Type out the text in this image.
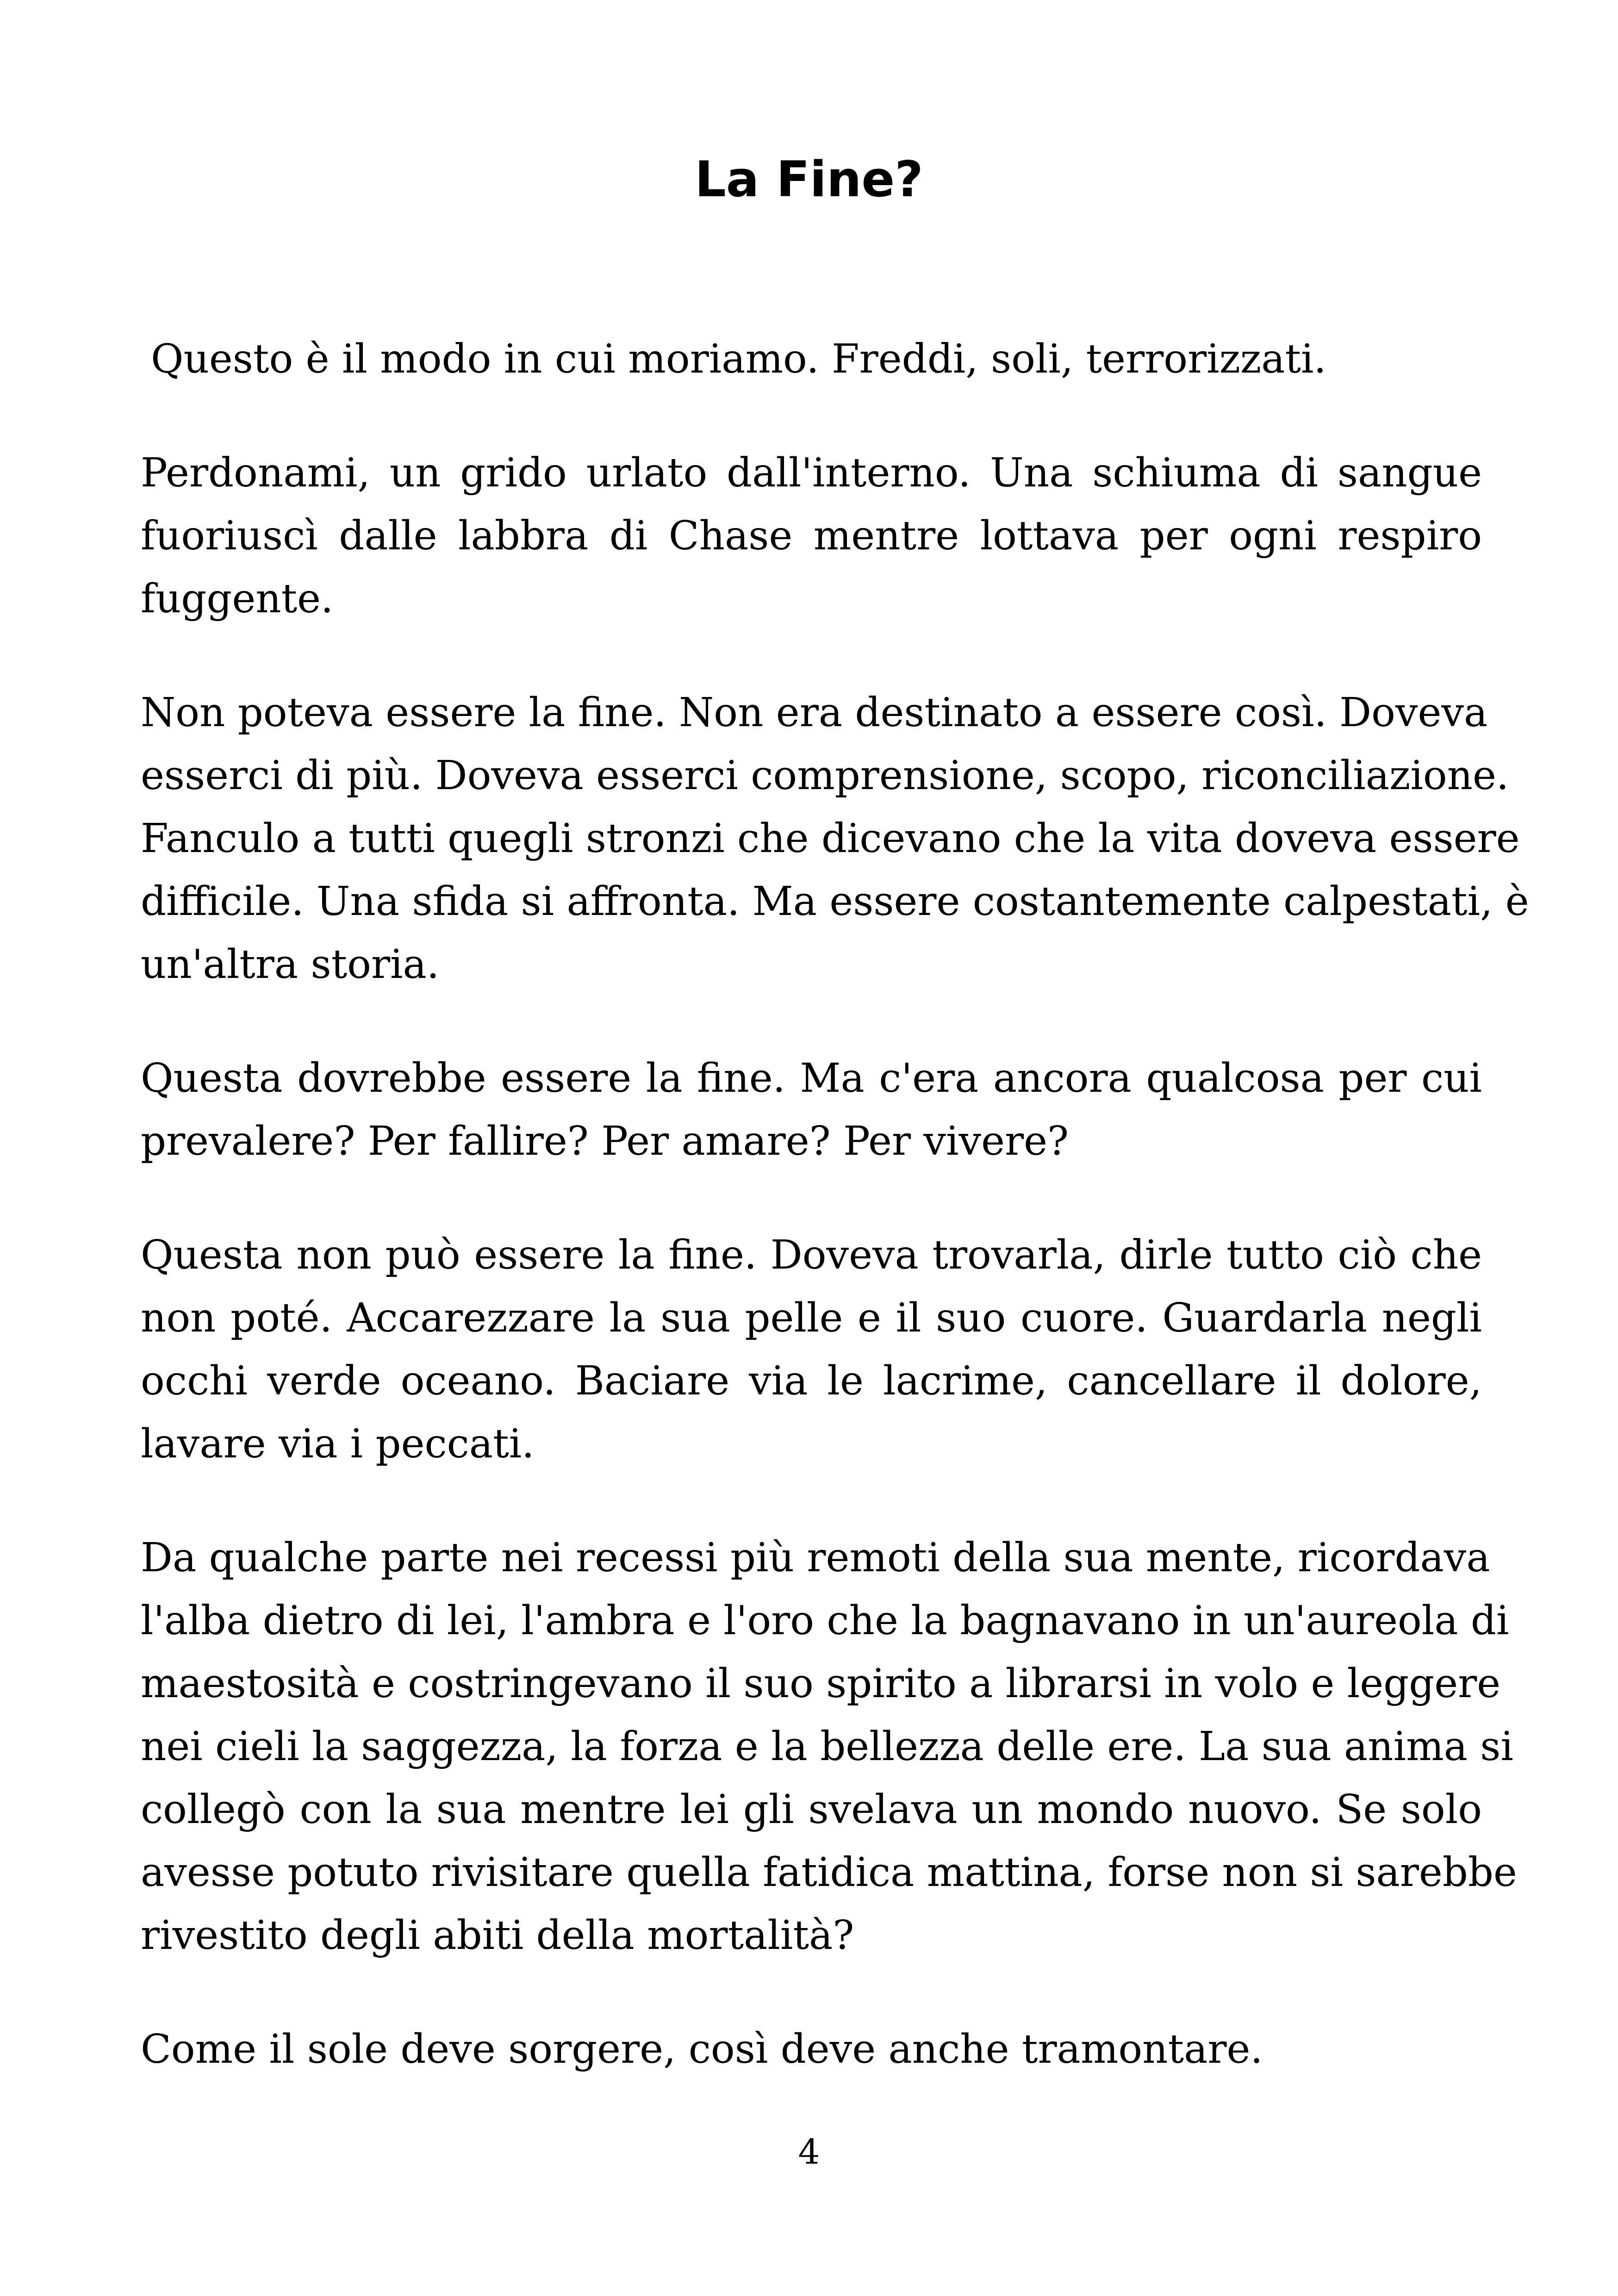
La Fine?

Questo è il modo in cui moriamo. Freddi, soli, terrorizzati.

Perdonami, un grido urlato dall'interno. Una schiuma di sangue
fuoriuscì dalle labbra di Chase mentre lottava per ogni respiro
fuggente.

Non poteva essere la fine. Non era destinato a essere così. Doveva
esserci di più. Doveva esserci comprensione, scopo, riconciliazione.
Fanculo a tutti quegli stronzi che dicevano che la vita doveva essere
difficile. Una sfida si affronta. Ma essere costantemente calpestati, è
un'altra storia.

Questa dovrebbe essere la fine. Ma c'era ancora qualcosa per cui
prevalere? Per fallire? Per amare? Per vivere?

Questa non può essere la fine. Doveva trovarla, dirle tutto ciò che
non poté. Accarezzare la sua pelle e il suo cuore. Guardarla negli
occhi verde oceano. Baciare via le lacrime, cancellare il dolore,
lavare via i peccati.

Da qualche parte nei recessi più remoti della sua mente, ricordava
l'alba dietro di lei, l'ambra e l'oro che la bagnavano in un'aureola di
maestosità e costringevano il suo spirito a librarsi in volo e leggere
nei cieli la saggezza, la forza e la bellezza delle ere. La sua anima si
collegò con la sua mentre lei gli svelava un mondo nuovo. Se solo
avesse potuto rivisitare quella fatidica mattina, forse non si sarebbe
rivestito degli abiti della mortalità?

Come il sole deve sorgere, così deve anche tramontare.

4
